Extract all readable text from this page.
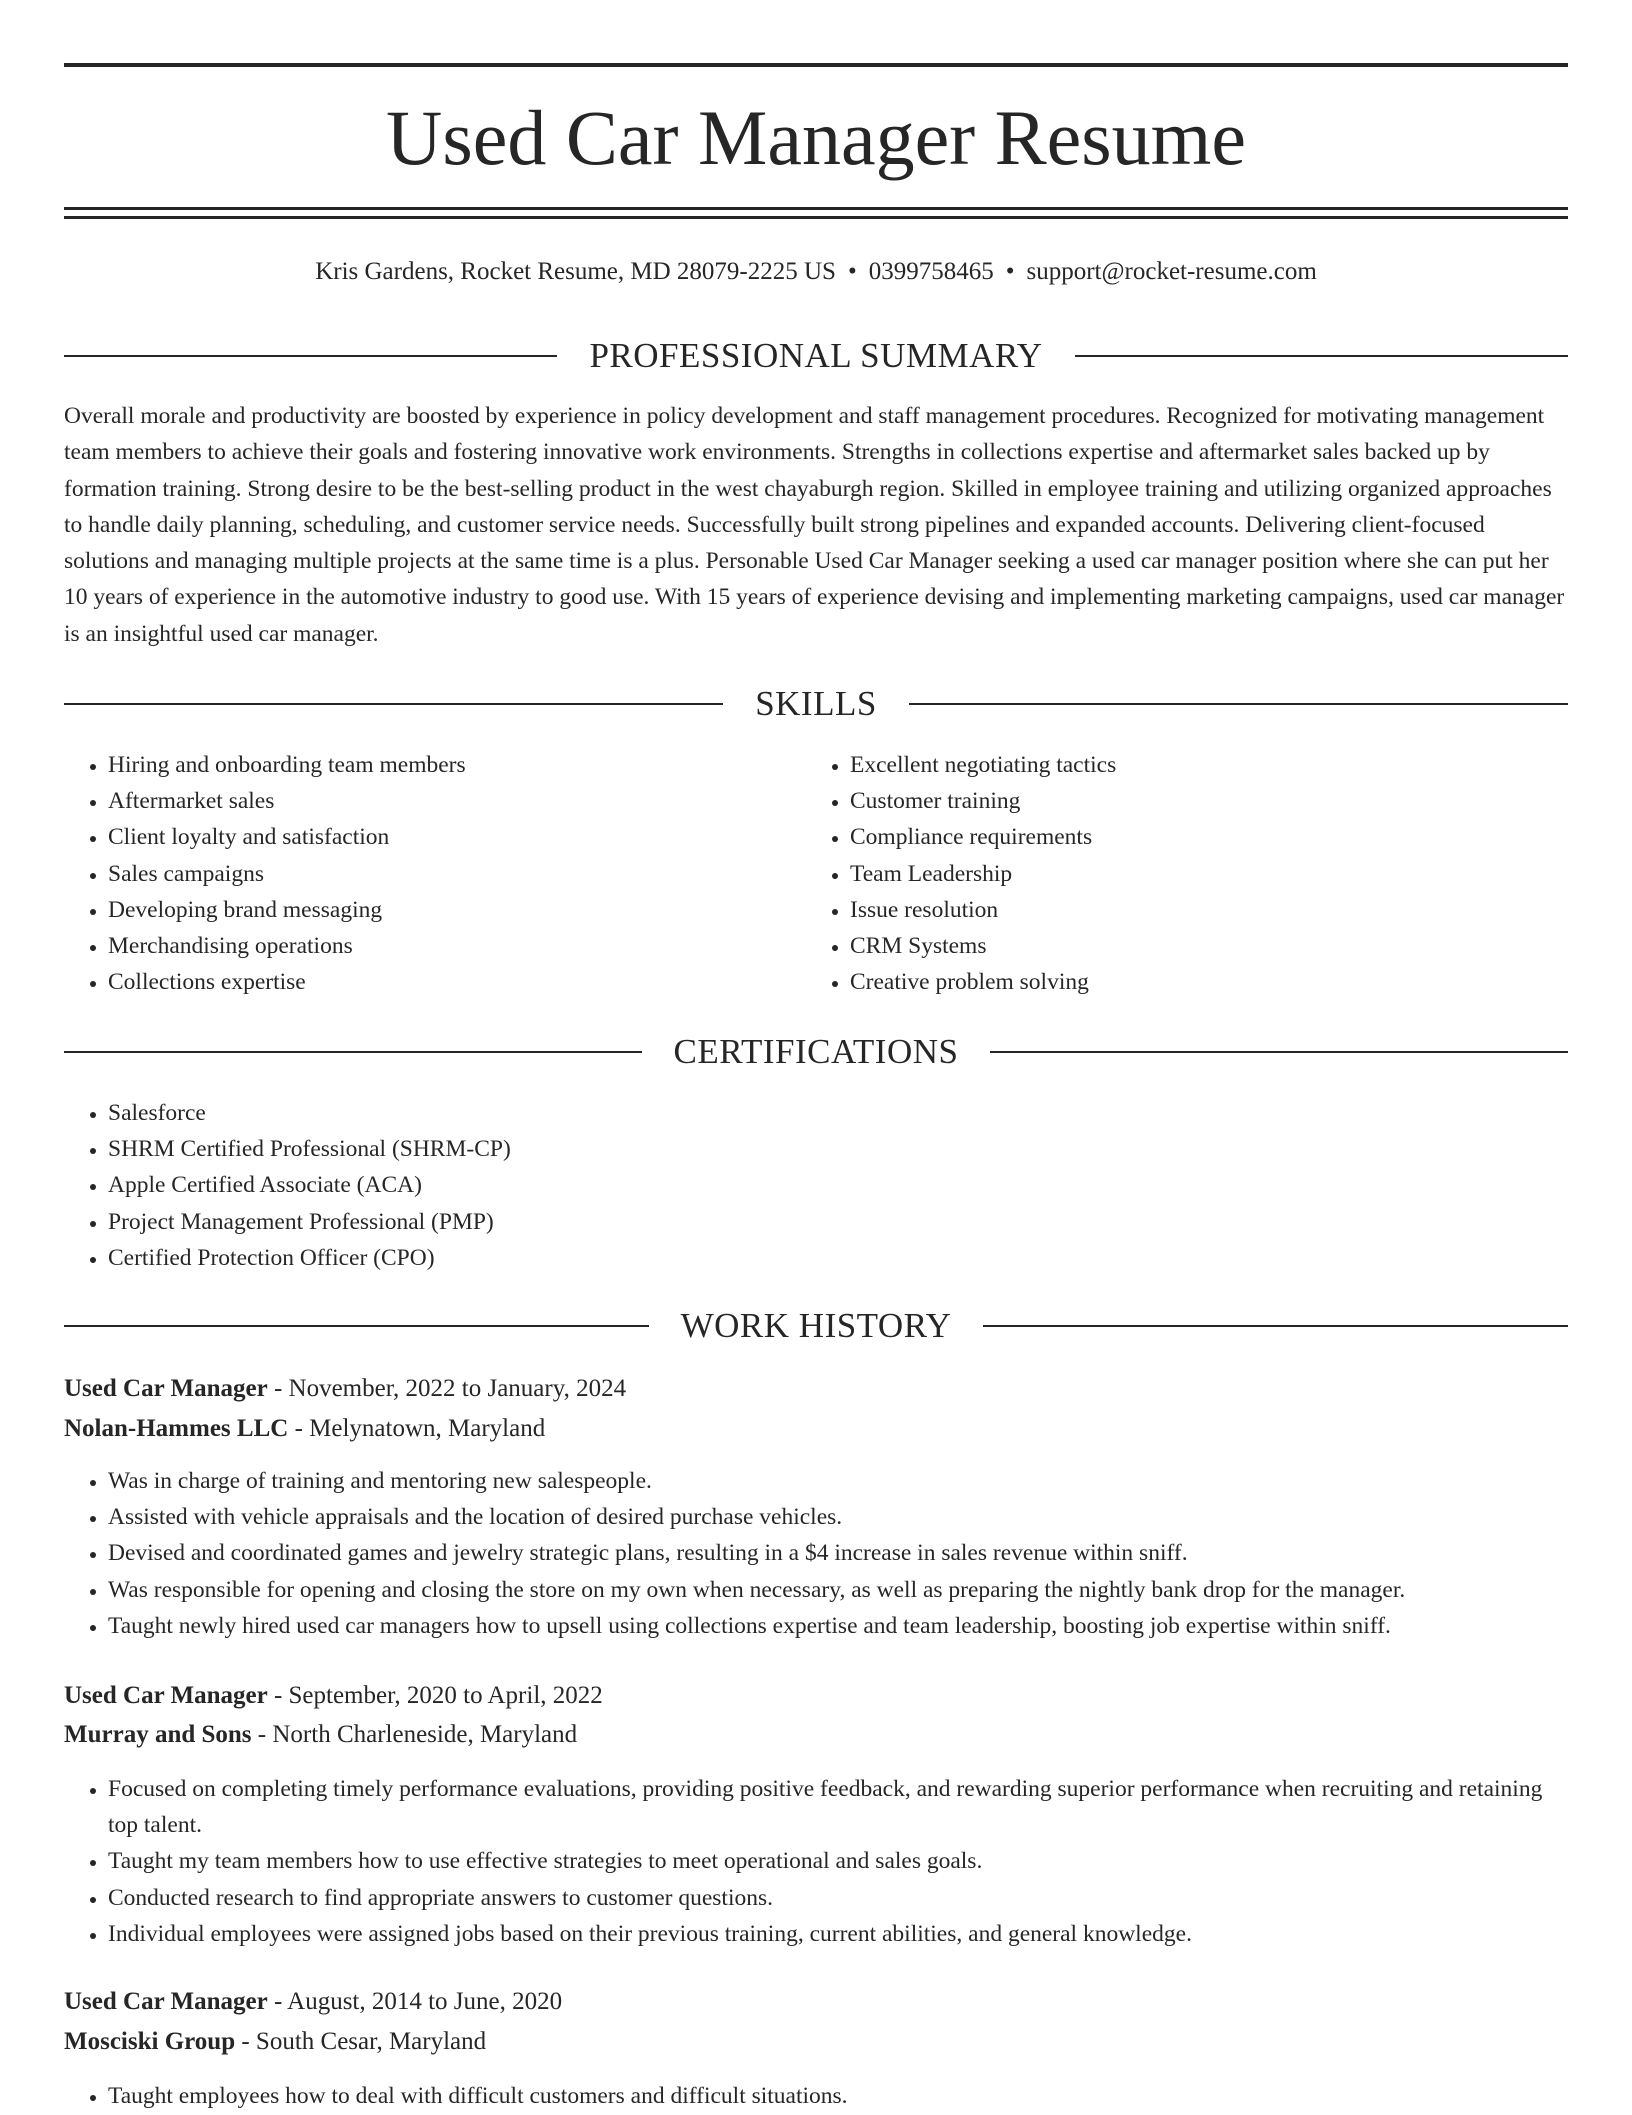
Used Car Manager Resume
Kris Gardens, Rocket Resume, MD 28079-2225 US • 0399758465 • support@rocket-resume.com
PROFESSIONAL SUMMARY

Overall morale and productivity are boosted by experience in policy development and staff management procedures. Recognized for motivating management team members to achieve their goals and fostering innovative work environments. Strengths in collections expertise and aftermarket sales backed up by formation training. Strong desire to be the best-selling product in the west chayaburgh region. Skilled in employee training and utilizing organized approaches to handle daily planning, scheduling, and customer service needs. Successfully built strong pipelines and expanded accounts. Delivering client-focused solutions and managing multiple projects at the same time is a plus. Personable Used Car Manager seeking a used car manager position where she can put her 10 years of experience in the automotive industry to good use. With 15 years of experience devising and implementing marketing campaigns, used car manager is an insightful used car manager.

SKILLS
• Hiring and onboarding team members
• Aftermarket sales
• Client loyalty and satisfaction
• Sales campaigns
• Developing brand messaging
• Merchandising operations
• Collections expertise
• Excellent negotiating tactics
• Customer training
• Compliance requirements
• Team Leadership
• Issue resolution
• CRM Systems
• Creative problem solving
CERTIFICATIONS
• Salesforce
• SHRM Certified Professional (SHRM-CP)
• Apple Certified Associate (ACA)
• Project Management Professional (PMP)
• Certified Protection Officer (CPO)
WORK HISTORY
Used Car Manager - November, 2022 to January, 2024
Nolan-Hammes LLC - Melynatown, Maryland
• Was in charge of training and mentoring new salespeople.
• Assisted with vehicle appraisals and the location of desired purchase vehicles.
• Devised and coordinated games and jewelry strategic plans, resulting in a $4 increase in sales revenue within sniff.
• Was responsible for opening and closing the store on my own when necessary, as well as preparing the nightly bank drop for the manager.
• Taught newly hired used car managers how to upsell using collections expertise and team leadership, boosting job expertise within sniff.
Used Car Manager - September, 2020 to April, 2022
Murray and Sons - North Charleneside, Maryland
• Focused on completing timely performance evaluations, providing positive feedback, and rewarding superior performance when recruiting and retaining top talent.
• Taught my team members how to use effective strategies to meet operational and sales goals.
• Conducted research to find appropriate answers to customer questions.
• Individual employees were assigned jobs based on their previous training, current abilities, and general knowledge.
Used Car Manager - August, 2014 to June, 2020
Mosciski Group - South Cesar, Maryland
• Taught employees how to deal with difficult customers and difficult situations.
